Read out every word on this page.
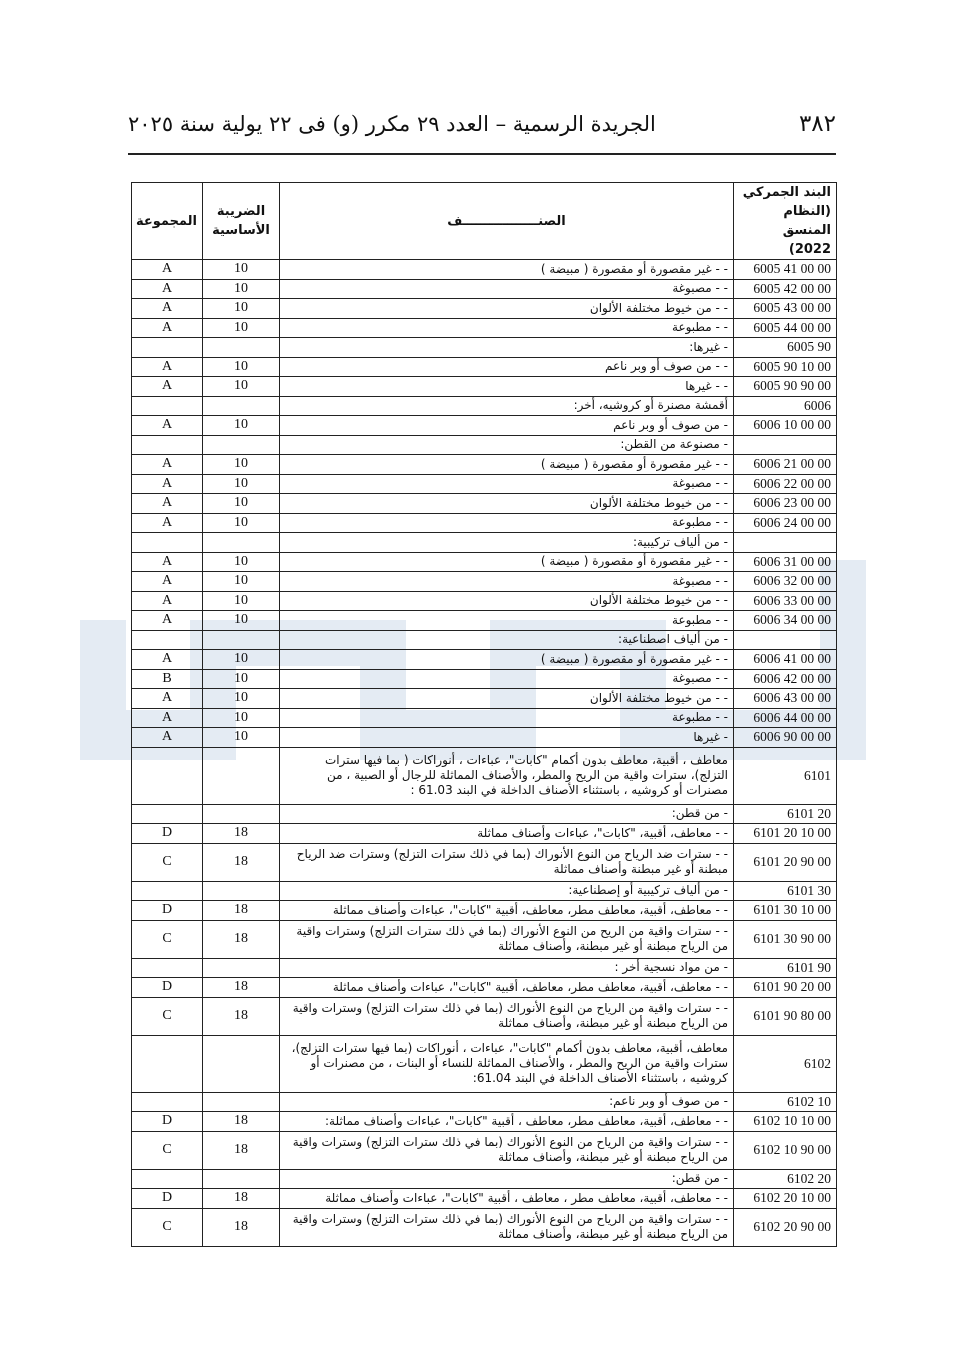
٣٨٢
الجريدة الرسمية – العدد ٢٩ مكرر (و) فى ٢٢ يولية سنة ٢٠٢٥
البند الجمركي (النظام المنسق 2022)	الصنـــــــــــــــــف	الضريبة الأساسية	المجموعة
6005 41 00 00	- - غير مقصورة أو مقصورة ( مبيضة )	10	A
6005 42 00 00	- - مصبوغة	10	A
6005 43 00 00	- - من خيوط مختلفة الألوان	10	A
6005 44 00 00	- - مطبوعة	10	A
6005 90	- غيرها:		
6005 90 10 00	- - من صوف أو وبر ناعم	10	A
6005 90 90 00	- - غيرها	10	A
6006	أقمشة مصنرة أو كروشيه، أخر:		
6006 10 00 00	- من صوف أو وبر ناعم	10	A
	- مصنوعة من القطن:		
6006 21 00 00	- - غير مقصورة أو مقصورة ( مبيضة )	10	A
6006 22 00 00	- - مصبوغة	10	A
6006 23 00 00	- - من خيوط مختلفة الألوان	10	A
6006 24 00 00	- - مطبوعة	10	A
	- من ألياف تركيبية:		
6006 31 00 00	- - غير مقصورة أو مقصورة ( مبيضة )	10	A
6006 32 00 00	- - مصبوغة	10	A
6006 33 00 00	- - من خيوط مختلفة الألوان	10	A
6006 34 00 00	- - مطبوعة	10	A
	- من ألياف اصطناعية:		
6006 41 00 00	- - غير مقصورة أو مقصورة ( مبيضة )	10	A
6006 42 00 00	- - مصبوغة	10	B
6006 43 00 00	- - من خيوط مختلفة الألوان	10	A
6006 44 00 00	- - مطبوعة	10	A
6006 90 00 00	- غيرها	10	A
6101	معاطف ، أقبية، معاطف بدون أكمام "كابات"، عباءات ، أنوراكات ( بما فيها سترات التزلج)، سترات واقية من الريح والمطر، والأصناف المماثلة للرجال أو الصبية ، من مصنرات أو كروشيه ، باستثناء الأصناف الداخلة في البند 61.03 :		
6101 20	- من قطن:		
6101 20 10 00	- - معاطف، أقبية، "كابات"، عباءات وأصناف مماثلة	18	D
6101 20 90 00	- - سترات ضد الرياح من النوع الأنوراك (بما في ذلك سترات التزلج) وسترات ضد الرياح مبطنة أو غير مبطنة وأصناف مماثلة	18	C
6101 30	- من ألياف تركيبية أو إصطناعية:		
6101 30 10 00	- - معاطف، أقبية، معاطف مطر، معاطف، أقبية "كابات"، عباءات وأصناف مماثلة	18	D
6101 30 90 00	- - سترات واقية من الريح من النوع الأنوراك (بما في ذلك سترات التزلج) وسترات واقية من الرياح مبطنة أو غير مبطنة، وأصناف مماثلة	18	C
6101 90	- من مواد نسجية أخر :		
6101 90 20 00	- - معاطف، أقبية، معاطف مطر، معاطف، أقبية "كابات"، عباءات وأصناف مماثلة	18	D
6101 90 80 00	- - سترات واقية من الرياح من النوع الأنوراك (بما في ذلك سترات التزلج) وسترات واقية من الرياح مبطنة أو غير مبطنة، وأصناف مماثلة	18	C
6102	معاطف، أقبية، معاطف بدون أكمام "كابات"، عباءات ، أنوراكات (بما فيها سترات التزلج)، سترات واقية من الريح والمطر ، والأصناف المماثلة للنساء أو البنات ، من مصنرات أو كروشيه ، باستثناء الأصناف الداخلة في البند 61.04:		
6102 10	- من صوف أو وبر ناعم:		
6102 10 10 00	- - معاطف، أقبية، معاطف مطر، معاطف ، أقبية "كابات"، عباءات وأصناف مماثلة:	18	D
6102 10 90 00	- - سترات واقية من الرياح من النوع الأنوراك (بما في ذلك سترات التزلج) وسترات واقية من الرياح مبطنة أو غير مبطنة، وأصناف مماثلة	18	C
6102 20	- من قطن:		
6102 20 10 00	- - معاطف، أقبية، معاطف مطر ، معاطف ، أقبية "كابات"، عباءات وأصناف مماثلة	18	D
6102 20 90 00	- - سترات واقية من الرياح من النوع الأنوراك (بما في ذلك سترات التزلج) وسترات واقية من الرياح مبطنة أو غير مبطنة، وأصناف مماثلة	18	C
